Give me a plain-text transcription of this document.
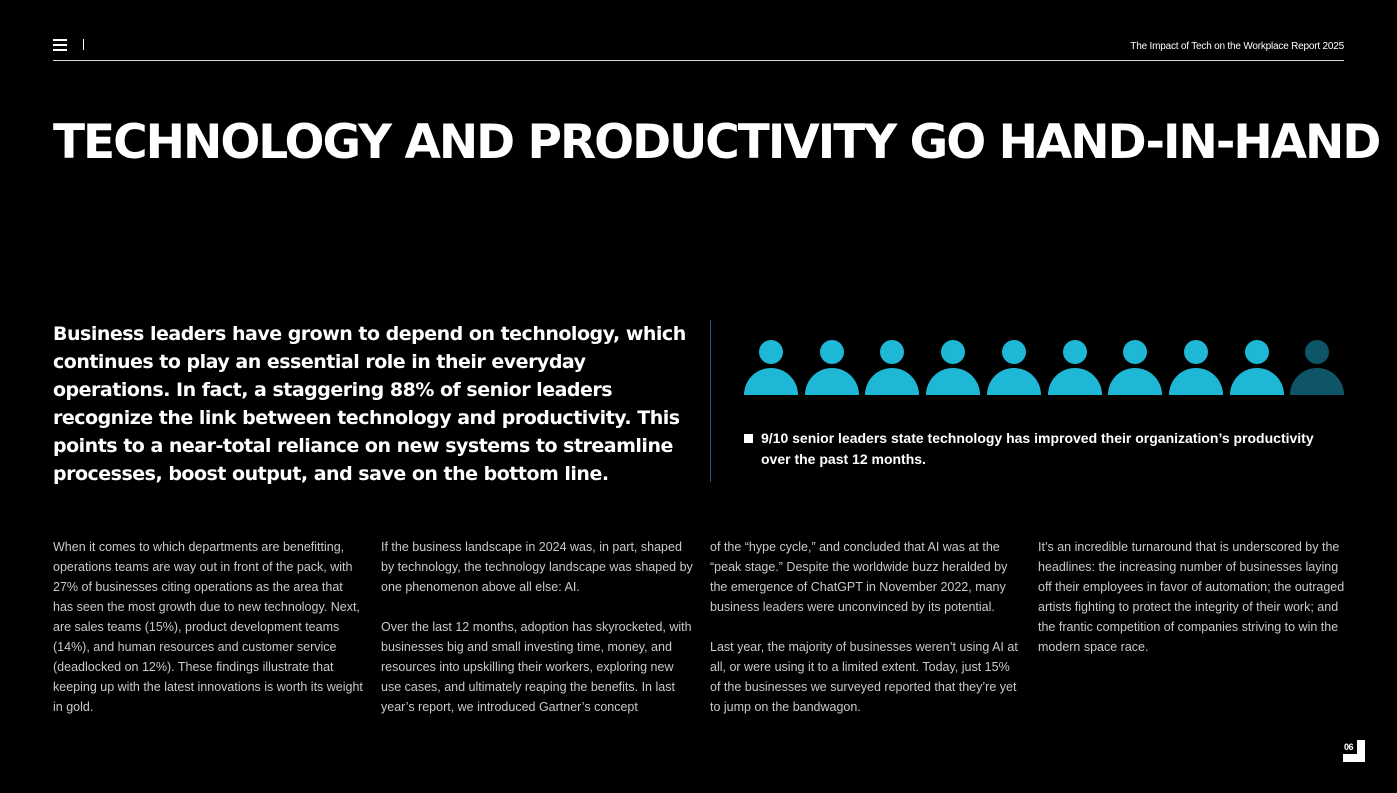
The Impact of Tech on the Workplace Report 2025
TECHNOLOGY AND PRODUCTIVITY GO HAND-IN-HAND

Business leaders have grown to depend on technology, which continues to play an essential role in their everyday operations. In fact, a staggering 88% of senior leaders recognize the link between technology and productivity. This points to a near-total reliance on new systems to streamline processes, boost output, and save on the bottom line.

9/10 senior leaders state technology has improved their organization’s productivity over the past 12 months.

When it comes to which departments are benefitting, operations teams are way out in front of the pack, with 27% of businesses citing operations as the area that has seen the most growth due to new technology. Next, are sales teams (15%), product development teams (14%), and human resources and customer service (deadlocked on 12%). These findings illustrate that keeping up with the latest innovations is worth its weight in gold.

If the business landscape in 2024 was, in part, shaped by technology, the technology landscape was shaped by one phenomenon above all else: AI.

Over the last 12 months, adoption has skyrocketed, with businesses big and small investing time, money, and resources into upskilling their workers, exploring new use cases, and ultimately reaping the benefits. In last year’s report, we introduced Gartner’s concept

of the “hype cycle,” and concluded that AI was at the “peak stage.” Despite the worldwide buzz heralded by the emergence of ChatGPT in November 2022, many business leaders were unconvinced by its potential.

Last year, the majority of businesses weren’t using AI at all, or were using it to a limited extent. Today, just 15% of the businesses we surveyed reported that they’re yet to jump on the bandwagon.

It’s an incredible turnaround that is underscored by the headlines: the increasing number of businesses laying off their employees in favor of automation; the outraged artists fighting to protect the integrity of their work; and the frantic competition of companies striving to win the modern space race.

06
